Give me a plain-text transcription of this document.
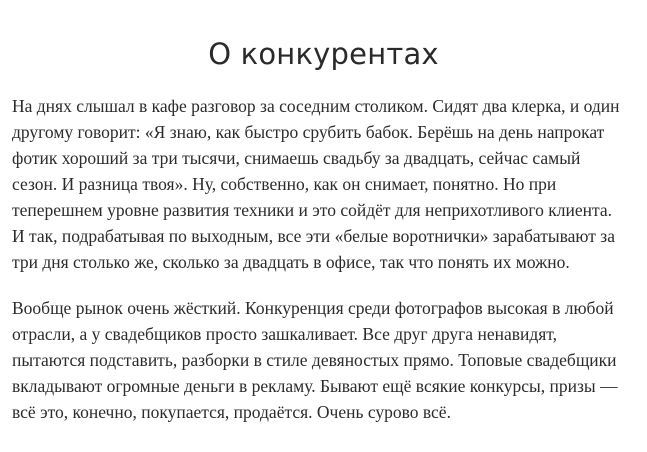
О конкурентах

На днях слышал в кафе разговор за соседним столиком. Сидят два клерка, и один
другому говорит: «Я знаю, как быстро срубить бабок. Берёшь на день напрокат
фотик хороший за три тысячи, снимаешь свадьбу за двадцать, сейчас самый
сезон. И разница твоя». Ну, собственно, как он снимает, понятно. Но при
теперешнем уровне развития техники и это сойдёт для неприхотливого клиента.
И так, подрабатывая по выходным, все эти «белые воротнички» зарабатывают за
три дня столько же, сколько за двадцать в офисе, так что понять их можно.

Вообще рынок очень жёсткий. Конкуренция среди фотографов высокая в любой
отрасли, а у свадебщиков просто зашкаливает. Все друг друга ненавидят,
пытаются подставить, разборки в стиле девяностых прямо. Топовые свадебщики
вкладывают огромные деньги в рекламу. Бывают ещё всякие конкурсы, призы —
всё это, конечно, покупается, продаётся. Очень сурово всё.
